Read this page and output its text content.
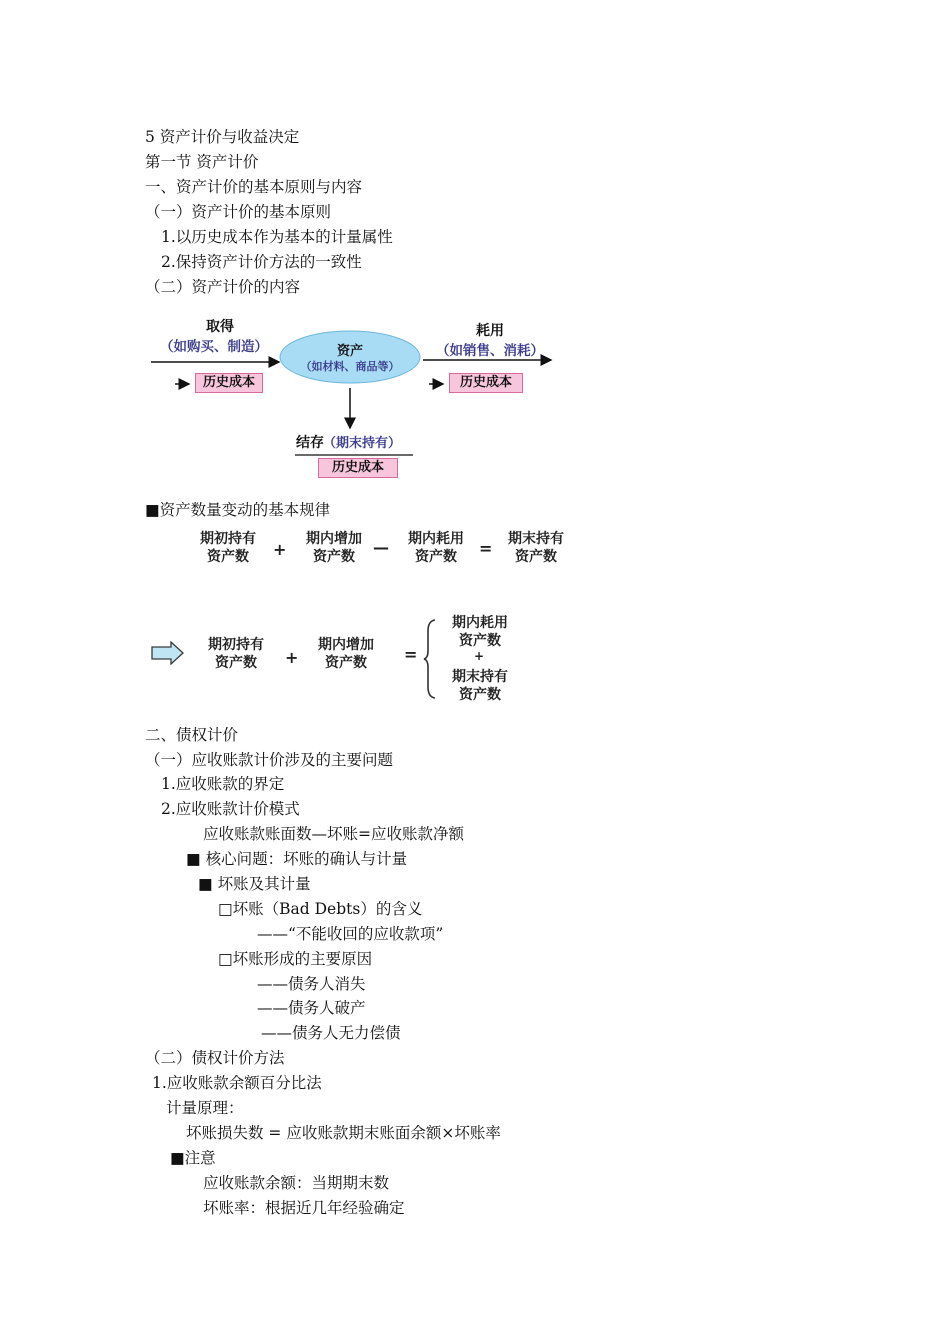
5 资产计价与收益决定
第一节 资产计价
一、资产计价的基本原则与内容
（一）资产计价的基本原则
1.以历史成本作为基本的计量属性
2.保持资产计价方法的一致性
（二）资产计价的内容
取得
（如购买、制造）
历史成本
资产
（如材料、商品等）
耗用
（如销售、消耗）
历史成本
结存 （期末持有）
历史成本
■资产数量变动的基本规律
期初持有
资产数	+
期内增加
资产数	—	期内耗用
资产数	=	期末持有
资产数
期初持有
资产数	+
期内增加
资产数	=
期内耗用
资产数
+
期末持有
资产数
二、债权计价
（一）应收账款计价涉及的主要问题
1.应收账款的界定
2.应收账款计价模式
应收账款账面数—坏账=应收账款净额
■ 核心问题：坏账的确认与计量
■ 坏账及其计量
□坏账（Bad Debts）的含义
——“不能收回的应收款项”
□坏账形成的主要原因
——债务人消失
——债务人破产
——债务人无力偿债
（二）债权计价方法
1.应收账款余额百分比法
计量原理：
坏账损失数 = 应收账款期末账面余额×坏账率
■注意
应收账款余额：当期期末数
坏账率：根据近几年经验确定
